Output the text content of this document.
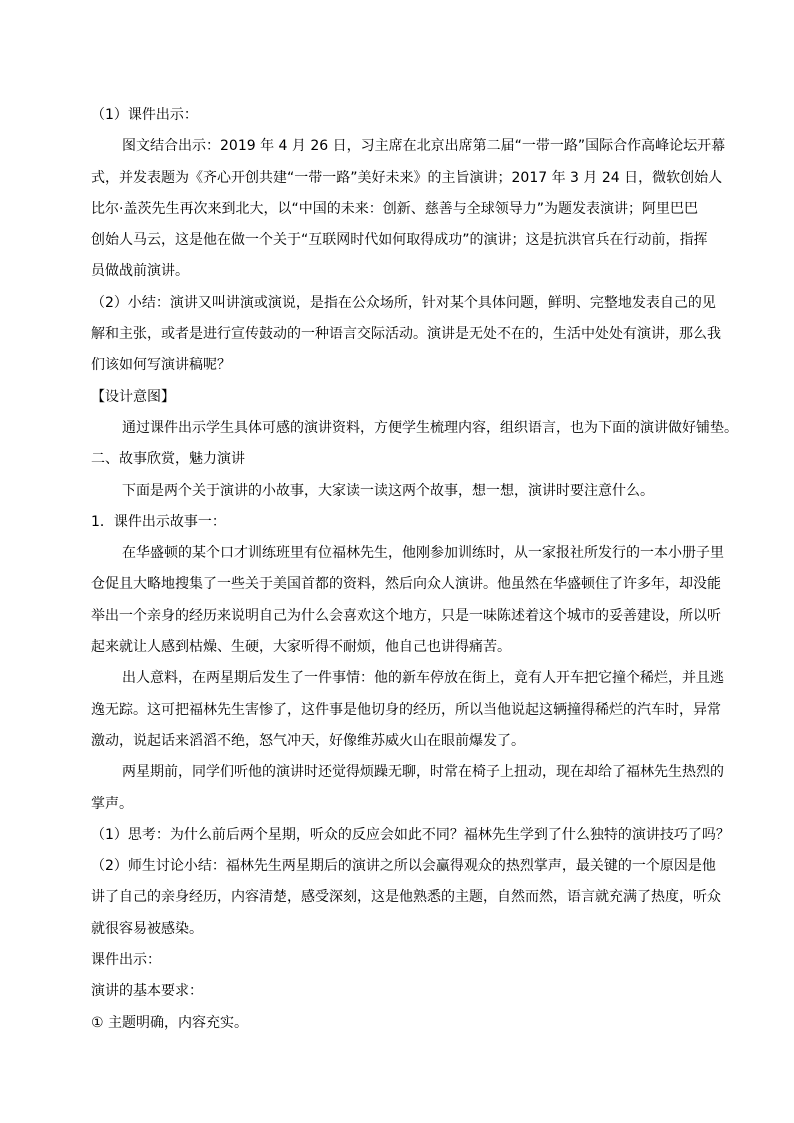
（1）课件出示：
图文结合出示：2019 年 4 月 26 日，习主席在北京出席第二届“一带一路”国际合作高峰论坛开幕
式，并发表题为《齐心开创共建“一带一路”美好未来》的主旨演讲；2017 年 3 月 24 日，微软创始人
比尔·盖茨先生再次来到北大，以“中国的未来：创新、慈善与全球领导力”为题发表演讲；阿里巴巴
创始人马云，这是他在做一个关于“互联网时代如何取得成功”的演讲；这是抗洪官兵在行动前，指挥
员做战前演讲。
（2）小结：演讲又叫讲演或演说，是指在公众场所，针对某个具体问题，鲜明、完整地发表自己的见
解和主张，或者是进行宣传鼓动的一种语言交际活动。演讲是无处不在的，生活中处处有演讲，那么我
们该如何写演讲稿呢？
【设计意图】
通过课件出示学生具体可感的演讲资料，方便学生梳理内容，组织语言，也为下面的演讲做好铺垫。
二、故事欣赏，魅力演讲
下面是两个关于演讲的小故事，大家读一读这两个故事，想一想，演讲时要注意什么。
1．课件出示故事一：
在华盛顿的某个口才训练班里有位福林先生，他刚参加训练时，从一家报社所发行的一本小册子里
仓促且大略地搜集了一些关于美国首都的资料，然后向众人演讲。他虽然在华盛顿住了许多年，却没能
举出一个亲身的经历来说明自己为什么会喜欢这个地方，只是一味陈述着这个城市的妥善建设，所以听
起来就让人感到枯燥、生硬，大家听得不耐烦，他自己也讲得痛苦。
出人意料，在两星期后发生了一件事情：他的新车停放在街上，竟有人开车把它撞个稀烂，并且逃
逸无踪。这可把福林先生害惨了，这件事是他切身的经历，所以当他说起这辆撞得稀烂的汽车时，异常
激动，说起话来滔滔不绝，怒气冲天，好像维苏威火山在眼前爆发了。
两星期前，同学们听他的演讲时还觉得烦躁无聊，时常在椅子上扭动，现在却给了福林先生热烈的
掌声。
（1）思考：为什么前后两个星期，听众的反应会如此不同？福林先生学到了什么独特的演讲技巧了吗？
（2）师生讨论小结：福林先生两星期后的演讲之所以会赢得观众的热烈掌声，最关键的一个原因是他
讲了自己的亲身经历，内容清楚，感受深刻，这是他熟悉的主题，自然而然，语言就充满了热度，听众
就很容易被感染。
课件出示：
演讲的基本要求：
① 主题明确，内容充实。
